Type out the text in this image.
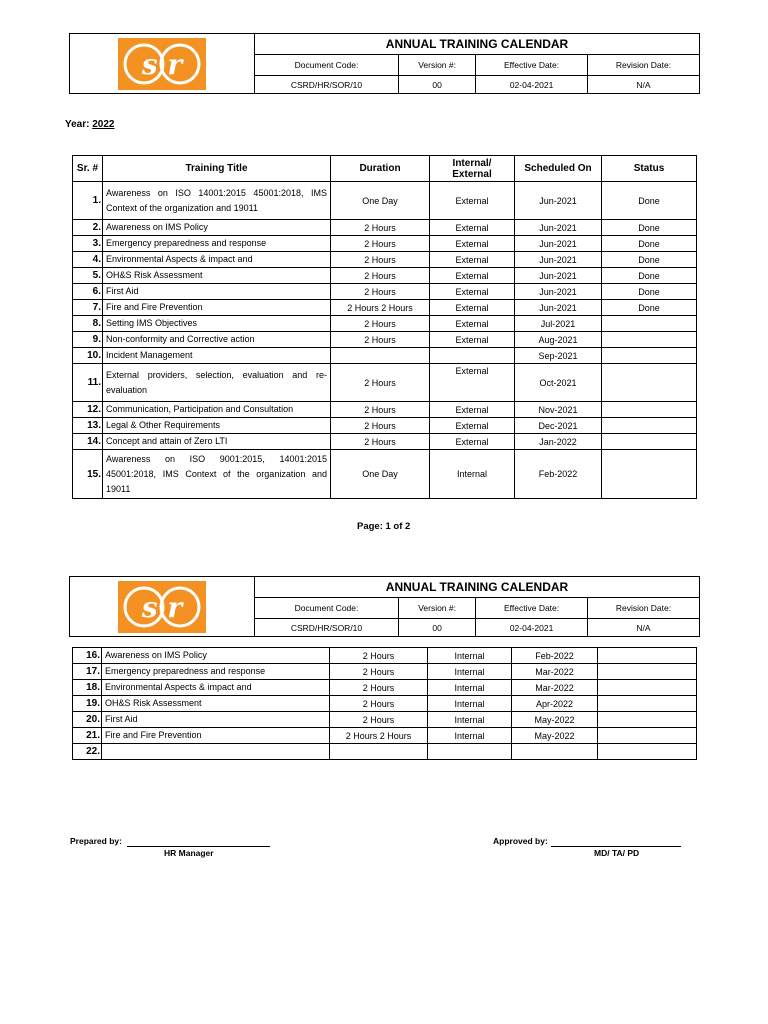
s r	ANNUAL TRAINING CALENDAR			
	Document Code:	Version #:	Effective Date:	Revision Date:
	CSRD/HR/SOR/10	00	02-04-2021	N/A
Year: 2022
Sr. #	Training Title	Duration	Internal/ External	Scheduled On	Status
1.	Awareness on ISO 14001:2015 45001:2018, IMS Context of the organization and 19011	One Day	External	Jun-2021	Done
2.	Awareness on IMS Policy	2 Hours	External	Jun-2021	Done
3.	Emergency preparedness and response	2 Hours	External	Jun-2021	Done
4.	Environmental Aspects & impact and	2 Hours	External	Jun-2021	Done
5.	OH&S Risk Assessment	2 Hours	External	Jun-2021	Done
6.	First Aid	2 Hours	External	Jun-2021	Done
7.	Fire and Fire Prevention	2 Hours 2 Hours	External	Jun-2021	Done
8.	Setting IMS Objectives	2 Hours	External	Jul-2021	
9.	Non-conformity and Corrective action	2 Hours	External	Aug-2021	
10.	Incident Management			Sep-2021	
11.	External providers, selection, evaluation and re-evaluation	2 Hours	External	Oct-2021	
12.	Communication, Participation and Consultation	2 Hours	External	Nov-2021	
13.	Legal & Other Requirements	2 Hours	External	Dec-2021	
14.	Concept and attain of Zero LTI	2 Hours	External	Jan-2022	
15.	Awareness on ISO 9001:2015, 14001:2015 45001:2018, IMS Context of the organization and 19011	One Day	Internal	Feb-2022	
Page: 1 of 2
s r	ANNUAL TRAINING CALENDAR			
	Document Code:	Version #:	Effective Date:	Revision Date:
	CSRD/HR/SOR/10	00	02-04-2021	N/A
16.	Awareness on IMS Policy	2 Hours	Internal	Feb-2022	
17.	Emergency preparedness and response	2 Hours	Internal	Mar-2022	
18.	Environmental Aspects & impact and	2 Hours	Internal	Mar-2022	
19.	OH&S Risk Assessment	2 Hours	Internal	Apr-2022	
20.	First Aid	2 Hours	Internal	May-2022	
21.	Fire and Fire Prevention	2 Hours 2 Hours	Internal	May-2022	
22.					
Prepared by:
HR Manager
Approved by:
MD/ TA/ PD
